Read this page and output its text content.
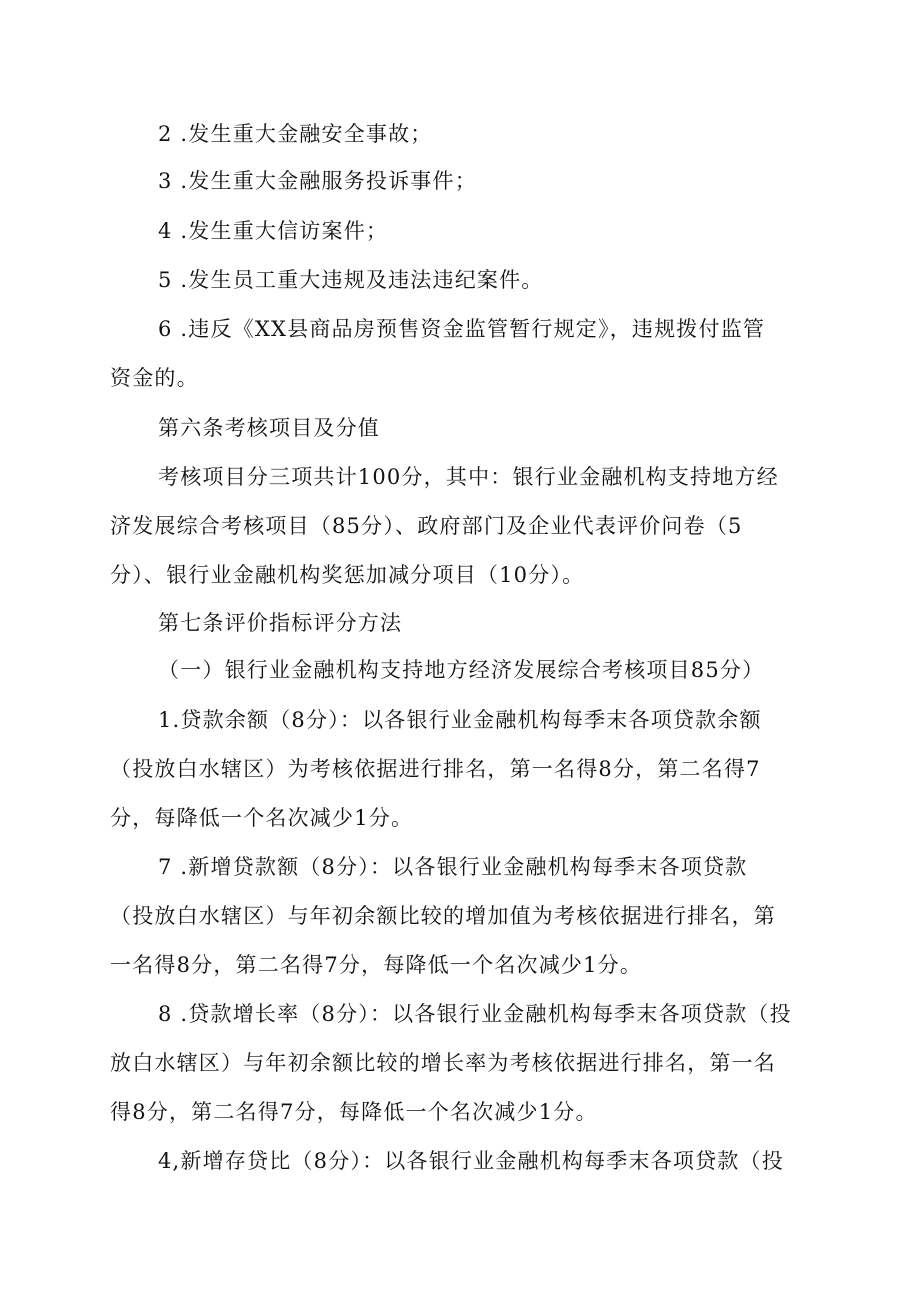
2 .发生重大金融安全事故；
3 .发生重大金融服务投诉事件；
4 .发生重大信访案件；
5 .发生员工重大违规及违法违纪案件。
6 .违反《XX县商品房预售资金监管暂行规定》，违规拨付监管
资金的。
第六条考核项目及分值
考核项目分三项共计100分，其中：银行业金融机构支持地方经
济发展综合考核项目（85分）、政府部门及企业代表评价问卷（5
分）、银行业金融机构奖惩加减分项目（10分）。
第七条评价指标评分方法
（一）银行业金融机构支持地方经济发展综合考核项目85分）
1.贷款余额（8分）：以各银行业金融机构每季末各项贷款余额
（投放白水辖区）为考核依据进行排名，第一名得8分，第二名得7
分，每降低一个名次减少1分。
7 .新增贷款额（8分）：以各银行业金融机构每季末各项贷款
（投放白水辖区）与年初余额比较的增加值为考核依据进行排名，第
一名得8分，第二名得7分，每降低一个名次减少1分。
8 .贷款增长率（8分）：以各银行业金融机构每季末各项贷款（投
放白水辖区）与年初余额比较的增长率为考核依据进行排名，第一名
得8分，第二名得7分，每降低一个名次减少1分。
4,新增存贷比（8分）：以各银行业金融机构每季末各项贷款（投
